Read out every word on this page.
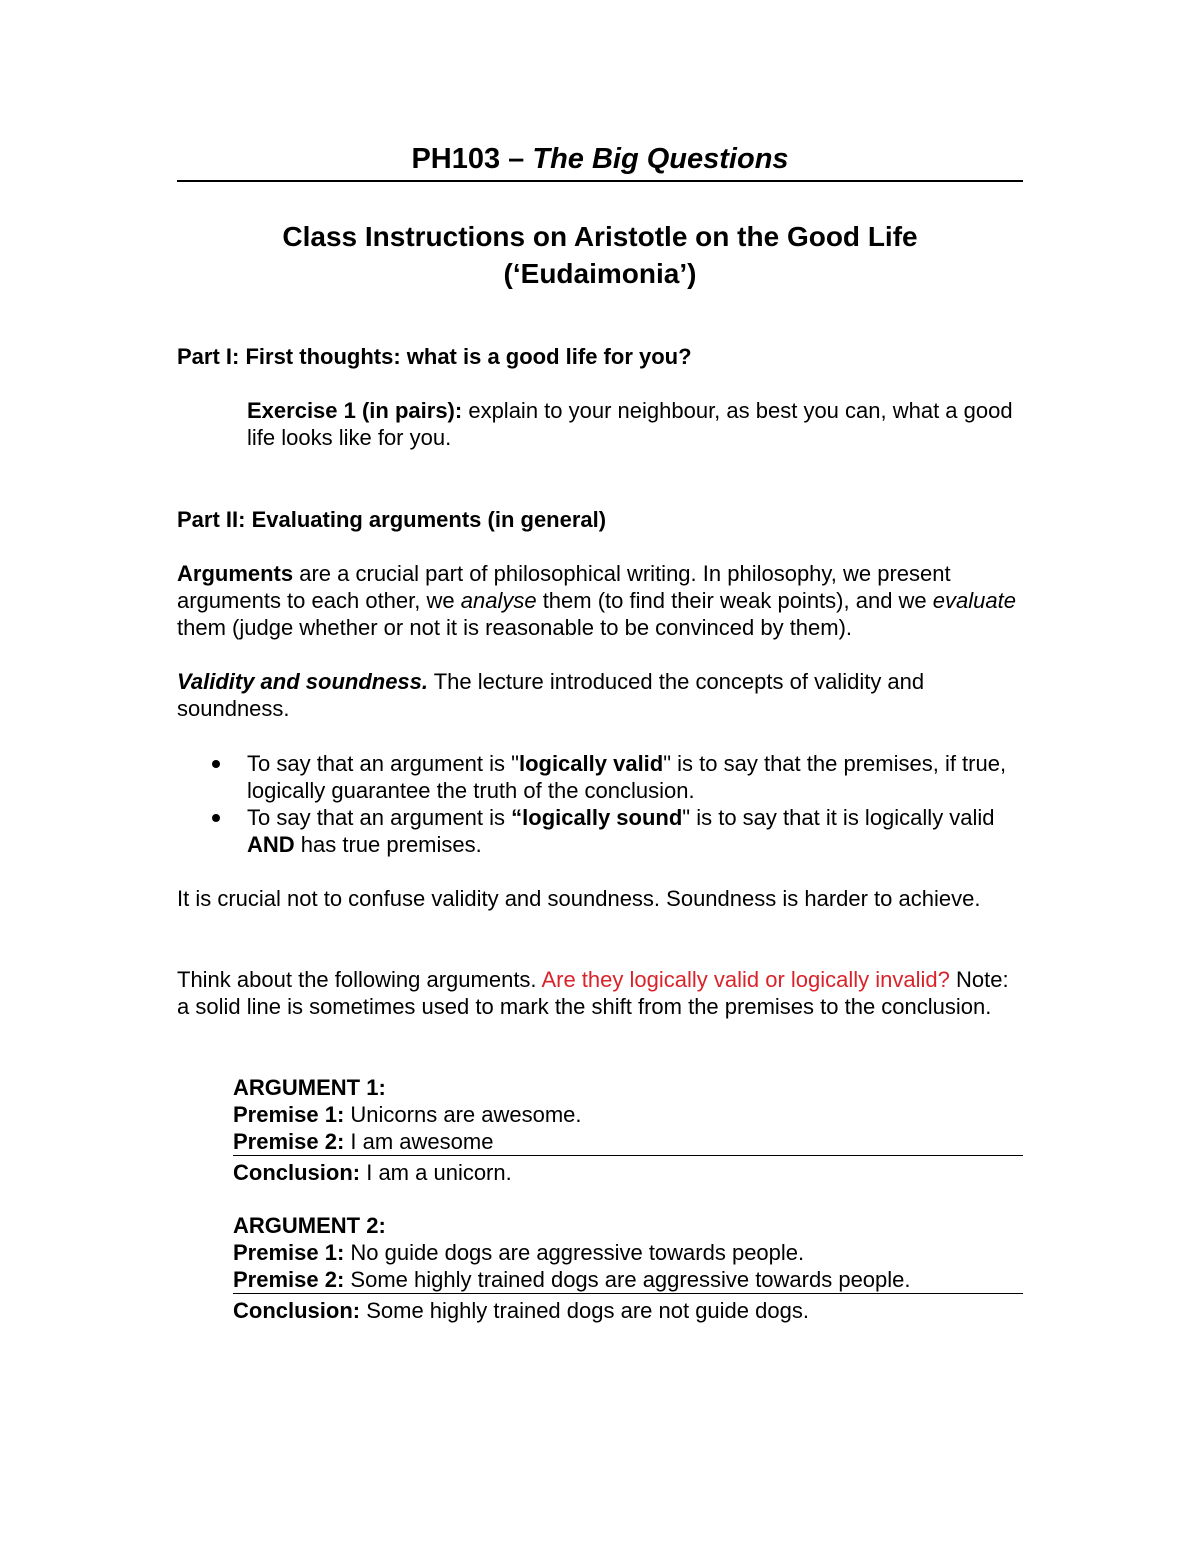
PH103 – The Big Questions
Class Instructions on Aristotle on the Good Life
(‘Eudaimonia’)
Part I: First thoughts: what is a good life for you?
Exercise 1 (in pairs): explain to your neighbour, as best you can, what a good life looks like for you.
Part II: Evaluating arguments (in general)
Arguments are a crucial part of philosophical writing. In philosophy, we present arguments to each other, we analyse them (to find their weak points), and we evaluate them (judge whether or not it is reasonable to be convinced by them).
Validity and soundness. The lecture introduced the concepts of validity and soundness.
To say that an argument is "logically valid" is to say that the premises, if true, logically guarantee the truth of the conclusion.
To say that an argument is “logically sound" is to say that it is logically valid AND has true premises.
It is crucial not to confuse validity and soundness. Soundness is harder to achieve.
Think about the following arguments. Are they logically valid or logically invalid? Note: a solid line is sometimes used to mark the shift from the premises to the conclusion.
ARGUMENT 1:
Premise 1: Unicorns are awesome.
Premise 2: I am awesome
Conclusion: I am a unicorn.
ARGUMENT 2:
Premise 1: No guide dogs are aggressive towards people.
Premise 2: Some highly trained dogs are aggressive towards people.
Conclusion: Some highly trained dogs are not guide dogs.
